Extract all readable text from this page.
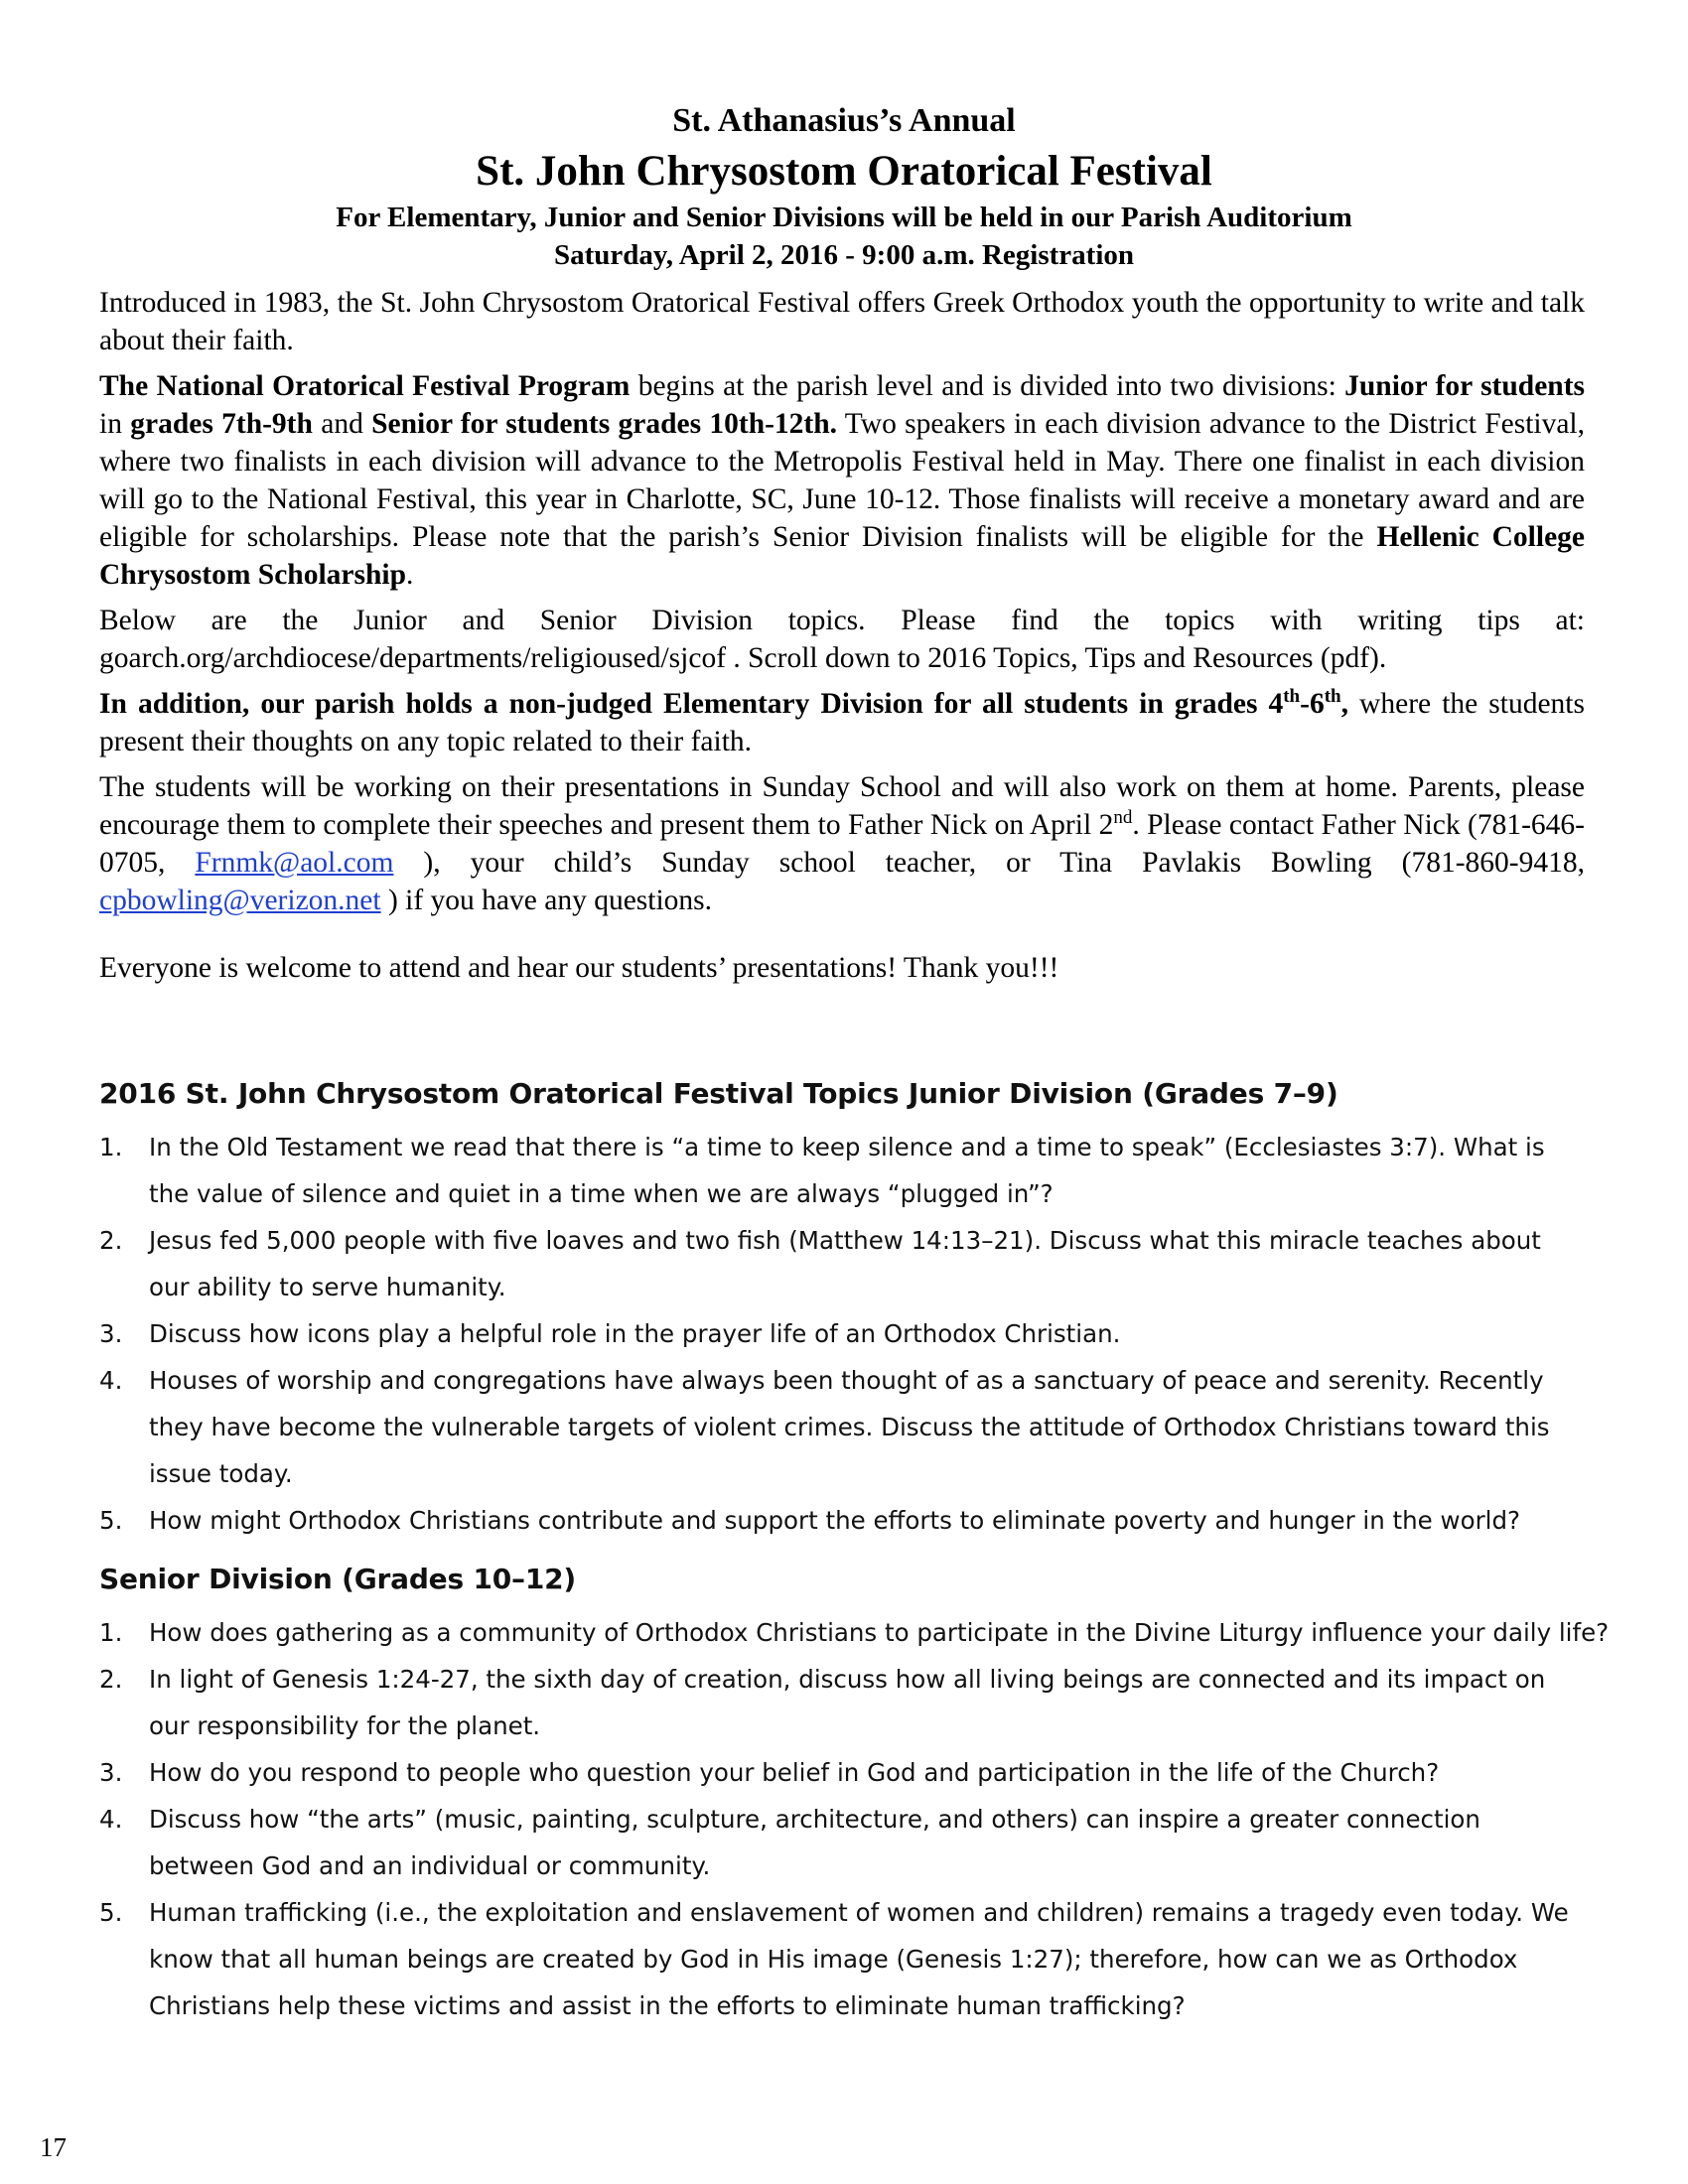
St. Athanasius’s Annual
St. John Chrysostom Oratorical Festival
For Elementary, Junior and Senior Divisions will be held in our Parish Auditorium
Saturday, April 2, 2016 - 9:00 a.m. Registration

Introduced in 1983, the St. John Chrysostom Oratorical Festival offers Greek Orthodox youth the opportunity to write and talk about their faith.

The National Oratorical Festival Program begins at the parish level and is divided into two divisions: Junior for students in grades 7th-9th and Senior for students grades 10th-12th. Two speakers in each division advance to the District Festival, where two finalists in each division will advance to the Metropolis Festival held in May. There one finalist in each division will go to the National Festival, this year in Charlotte, SC, June 10-12. Those finalists will receive a monetary award and are eligible for scholarships. Please note that the parish’s Senior Division finalists will be eligible for the Hellenic College Chrysostom Scholarship.

Below are the Junior and Senior Division topics. Please find the topics with writing tips at: goarch.org/archdiocese/departments/religioused/sjcof . Scroll down to 2016 Topics, Tips and Resources (pdf).

In addition, our parish holds a non-judged Elementary Division for all students in grades 4th-6th, where the students present their thoughts on any topic related to their faith.

The students will be working on their presentations in Sunday School and will also work on them at home. Parents, please encourage them to complete their speeches and present them to Father Nick on April 2nd. Please contact Father Nick (781-646-0705, Frnmk@aol.com ), your child’s Sunday school teacher, or Tina Pavlakis Bowling (781-860-9418, cpbowling@verizon.net ) if you have any questions.

Everyone is welcome to attend and hear our students’ presentations! Thank you!!!

2016 St. John Chrysostom Oratorical Festival Topics Junior Division (Grades 7–9)
1. In the Old Testament we read that there is “a time to keep silence and a time to speak” (Ecclesiastes 3:7). What is the value of silence and quiet in a time when we are always “plugged in”?
2. Jesus fed 5,000 people with five loaves and two fish (Matthew 14:13–21). Discuss what this miracle teaches about our ability to serve humanity.
3. Discuss how icons play a helpful role in the prayer life of an Orthodox Christian.
4. Houses of worship and congregations have always been thought of as a sanctuary of peace and serenity. Recently they have become the vulnerable targets of violent crimes. Discuss the attitude of Orthodox Christians toward this issue today.
5. How might Orthodox Christians contribute and support the efforts to eliminate poverty and hunger in the world?
Senior Division (Grades 10–12)
1. How does gathering as a community of Orthodox Christians to participate in the Divine Liturgy influence your daily life?
2. In light of Genesis 1:24-27, the sixth day of creation, discuss how all living beings are connected and its impact on our responsibility for the planet.
3. How do you respond to people who question your belief in God and participation in the life of the Church?
4. Discuss how “the arts” (music, painting, sculpture, architecture, and others) can inspire a greater connection between God and an individual or community.
5. Human trafficking (i.e., the exploitation and enslavement of women and children) remains a tragedy even today. We know that all human beings are created by God in His image (Genesis 1:27); therefore, how can we as Orthodox Christians help these victims and assist in the efforts to eliminate human trafficking?
17
